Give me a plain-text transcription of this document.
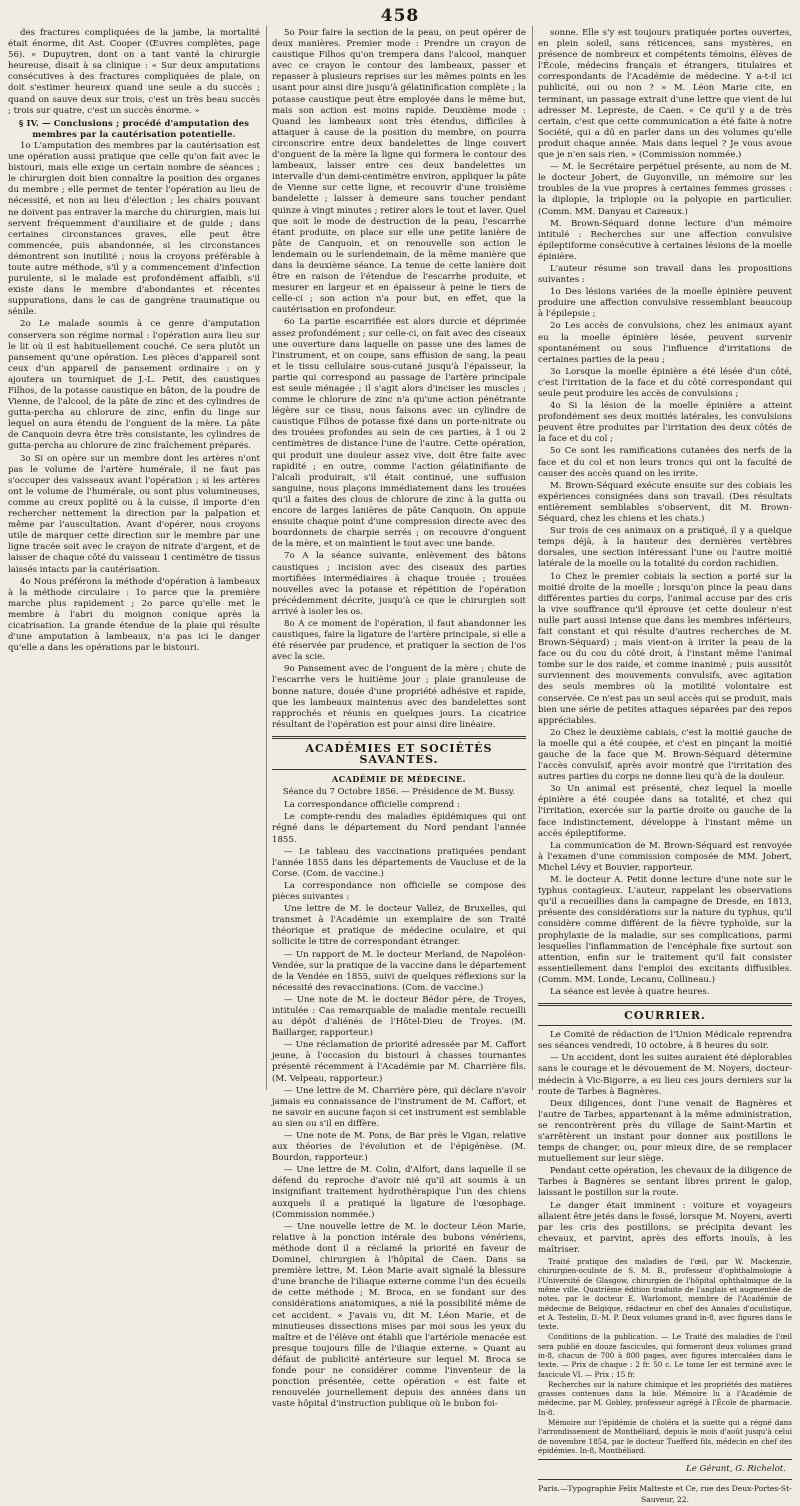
458

des fractures compliquées de la jambe, la mortalité était énorme, dit Ast. Cooper (Œuvres complètes, page 56). « Dupuytren, dont on a tant vanté la chirurgie heureuse, disait à sa clinique : « Sur deux amputations consécutives à des fractures compliquées de plaie, on doit s'estimer heureux quand une seule a du succès ; quand on sauve deux sur trois, c'est un très beau succès ; trois sur quatre, c'est un succès énorme. »

§ IV. — Conclusions ; procédé d'amputation des membres par la cautérisation potentielle.

1o L'amputation des membres par la cautérisation est une opération aussi pratique que celle qu'on fait avec le bistouri, mais elle exige un certain nombre de séances ; le chirurgien doit bien connaître la position des organes du membre ; elle permet de tenter l'opération au lieu de nécessité, et non au lieu d'élection ; les chairs pouvant ne doivent pas entraver la marche du chirurgien, mais lui servent fréquemment d'auxiliaire et de guide ; dans certaines circonstances graves, elle peut être commencée, puis abandonnée, si les circonstances démontrent son inutilité ; nous la croyons préférable à toute autre méthode, s'il y a commencement d'infection purulente, si le malade est profondément affaibli, s'il existe dans le membre d'abondantes et récentes suppurations, dans le cas de gangrène traumatique ou sénile.

2o Le malade soumis à ce genre d'amputation conservera son régime normal : l'opération aura lieu sur le lit où il est habituellement couché. Ce sera plutôt un pansement qu'une opération. Les pièces d'appareil sont ceux d'un appareil de pansement ordinaire : on y ajoutera un tourniquet de J.-L. Petit, des caustiques Filhos, de la potasse caustique en bâton, de la poudre de Vienne, de l'alcool, de la pâte de zinc et des cylindres de gutta-percha au chlorure de zinc, enfin du linge sur lequel on aura étendu de l'onguent de la mère. La pâte de Canquoin devra être très consistante, les cylindres de gutta-percha au chlorure de zinc fraîchement préparés.

3o Si on opère sur un membre dont les artères n'ont pas le volume de l'artère humérale, il ne faut pas s'occuper des vaisseaux avant l'opération ; si les artères ont le volume de l'humérale, ou sont plus volumineuses, comme au creux poplité ou à la cuisse, il importe d'en rechercher nettement la direction par la palpation et même par l'auscultation. Avant d'opérer, nous croyons utile de marquer cette direction sur le membre par une ligne tracée soit avec le crayon de nitrate d'argent, et de laisser de chaque côté du vaisseau 1 centimètre de tissus laissés intacts par la cautérisation.

4o Nous préférons la méthode d'opération à lambeaux à la méthode circulaire : 1o parce que la première marche plus rapidement ; 2o parce qu'elle met le membre à l'abri du moignon conique après la cicatrisation. La grande étendue de la plaie qui résulte d'une amputation à lambeaux, n'a pas ici le danger qu'elle a dans les opérations par le bistouri.

5o Pour faire la section de la peau, on peut opérer de deux manières. Premier mode : Prendre un crayon de caustique Filhos qu'on trempera dans l'alcool, manquer avec ce crayon le contour des lambeaux, passer et repasser à plusieurs reprises sur les mêmes points en les usant pour ainsi dire jusqu'à gélatinification complète ; la potasse caustique peut être employée dans le même but, mais son action est moins rapide. Deuxième mode : Quand les lambeaux sont très étendus, difficiles à attaquer à cause de la position du membre, on pourra circonscrire entre deux bandelettes de linge couvert d'onguent de la mère la ligne qui formera le contour des lambeaux, laisser entre ces deux bandelettes un intervalle d'un demi-centimètre environ, appliquer la pâte de Vienne sur cette ligne, et recouvrir d'une troisième bandelette ; laisser à demeure sans toucher pendant quinze à vingt minutes ; retirer alors le tout et laver. Quel que soit le mode de destruction de la peau, l'escarrhe étant produite, on place sur elle une petite lanière de pâte de Canquoin, et on renouvelle son action le lendemain ou le surlendemain, de la même manière que dans la deuxième séance. La tenue de cette lanière doit être en raison de l'étendue de l'escarrhe produite, et mesurer en largeur et en épaisseur à peine le tiers de celle-ci ; son action n'a pour but, en effet, que la cautérisation en profondeur.

6o La partie escarrifiée est alors durcie et déprimée assez profondément ; sur celle-ci, on fait avec des ciseaux une ouverture dans laquelle on passe une des lames de l'instrument, et on coupe, sans effusion de sang, la peau et le tissu cellulaire sous-cutané jusqu'à l'épaisseur, la partie qui correspond au passage de l'artère principale est seule ménagée ; il s'agit alors d'inciser les muscles ; comme le chlorure de zinc n'a qu'une action pénétrante légère sur ce tissu, nous faisons avec un cylindre de caustique Filhos de potasse fixé dans un porte-nitrate ou des trouées profondes au sein de ces parties, à 1 ou 2 centimètres de distance l'une de l'autre. Cette opération, qui produit une douleur assez vive, doit être faite avec rapidité ; en outre, comme l'action gélatinifiante de l'alcali produirait, s'il était continué, une suffusion sanguine, nous plaçons immédiatement dans les trouées qu'il a faites des clous de chlorure de zinc à la gutta ou encore de larges lanières de pâte Canquoin. On appuie ensuite chaque point d'une compression directe avec des bourdonnets de charpie serrés ; on recouvre d'onguent de la mère, et on maintient le tout avec une bande.

7o A la séance suivante, enlèvement des bâtons caustiques ; incision avec des ciseaux des parties mortifiées intermédiaires à chaque trouée ; trouées nouvelles avec la potasse et répétition de l'opération précédemment décrite, jusqu'à ce que le chirurgien soit arrivé à isoler les os.

8o A ce moment de l'opération, il faut abandonner les caustiques, faire la ligature de l'artère principale, si elle a été réservée par prudence, et pratiquer la section de l'os avec la scie.

9o Pansement avec de l'onguent de la mère ; chute de l'escarrhe vers le huitième jour ; plaie granuleuse de bonne nature, douée d'une propriété adhésive et rapide, que les lambeaux maintenus avec des bandelettes sont rapprochés et réunis en quelques jours. La cicatrice résultant de l'opération est pour ainsi dire linéaire.

ACADÉMIES ET SOCIÉTÉS SAVANTES.
ACADÉMIE DE MÉDECINE.
Séance du 7 Octobre 1856. — Présidence de M. Bussy.

La correspondance officielle comprend :

Le compte-rendu des maladies épidémiques qui ont régné dans le département du Nord pendant l'année 1855.

— Le tableau des vaccinations pratiquées pendant l'année 1855 dans les départements de Vaucluse et de la Corse. (Com. de vaccine.)

La correspondance non officielle se compose des pièces suivantes :

Une lettre de M. le docteur Vallez, de Bruxelles, qui transmet à l'Académie un exemplaire de son Traité théorique et pratique de médecine oculaire, et qui sollicite le titre de correspondant étranger.

— Un rapport de M. le docteur Merland, de Napoléon-Vendée, sur la pratique de la vaccine dans le département de la Vendée en 1855, suivi de quelques réflexions sur la nécessité des revaccinations. (Com. de vaccine.)

— Une note de M. le docteur Bédor père, de Troyes, intitulée : Cas remarquable de maladie mentale recueilli au dépôt d'aliénés de l'Hôtel-Dieu de Troyes. (M. Baillarger, rapporteur.)

— Une réclamation de priorité adressée par M. Caffort jeune, à l'occasion du bistouri à chasses tournantes présenté récemment à l'Académie par M. Charrière fils. (M. Velpeau, rapporteur.)

— Une lettre de M. Charrière père, qui déclare n'avoir jamais eu connaissance de l'instrument de M. Caffort, et ne savoir en aucune façon si cet instrument est semblable au sien ou s'il en diffère.

— Une note de M. Pons, de Bar près le Vigan, relative aux théories de l'évolution et de l'épigénèse. (M. Bourdon, rapporteur.)

— Une lettre de M. Colin, d'Alfort, dans laquelle il se défend du reproche d'avoir nié qu'il ait soumis à un insignifiant traitement hydrothérapique l'un des chiens auxquels il a pratiqué la ligature de l'œsophage. (Commission nommée.)

— Une nouvelle lettre de M. le docteur Léon Marie, relative à la ponction intérale des bubons vénériens, méthode dont il a réclamé la priorité en faveur de Dominel, chirurgien à l'hôpital de Caen. Dans sa première lettre, M. Léon Marie avait signalé la blessure d'une branche de l'iliaque externe comme l'un des écueils de cette méthode ; M. Broca, en se fondant sur des considérations anatomiques, a nié la possibilité même de cet accident. « J'avais vu, dit M. Léon Marie, et de minutieuses dissections mises par moi sous les yeux du maître et de l'élève ont établi que l'artériole menacée est presque toujours fille de l'iliaque externe. » Quant au défaut de publicité antérieure sur lequel M. Broca se fonde pour ne considérer comme l'inventeur de la ponction présentée, cette opération « est faite et renouvelée journellement depuis des années dans un vaste hôpital d'instruction publique où le bubon foi-

sonne. Elle s'y est toujours pratiquée portes ouvertes, en plein soleil, sans réticences, sans mystères, en présence de nombreux et compétents témoins, élèves de l'École, médecins français et étrangers, titulaires et correspondants de l'Académie de médecine. Y a-t-il ici publicité, oui ou non ? » M. Léon Marie cite, en terminant, un passage extrait d'une lettre que vient de lui adresser M. Lepreste, de Caen. « Ce qu'il y a de très certain, c'est que cette communication a été faite à notre Société, qui a dû en parler dans un des volumes qu'elle produit chaque année. Mais dans lequel ? Je vous avoue que je n'en sais rien. » (Commission nommée.)

— M. le Secrétaire perpétuel présente, au nom de M. le docteur Jobert, de Guyonville, un mémoire sur les troubles de la vue propres à certaines femmes grosses : la diplopie, la triplopie ou la polyopie en particulier. (Comm. MM. Danyau et Cazeaux.)

M. Brown-Séquard donne lecture d'un mémoire intitulé : Recherches sur une affection convulsive épileptiforme consécutive à certaines lésions de la moelle épinière.

L'auteur résume son travail dans les propositions suivantes :

1o Des lésions variées de la moelle épinière peuvent produire une affection convulsive ressemblant beaucoup à l'épilepsie ;

2o Les accès de convulsions, chez les animaux ayant eu la moelle épinière lésée, peuvent survenir spontanément ou sous l'influence d'irritations de certaines parties de la peau ;

3o Lorsque la moelle épinière a été lésée d'un côté, c'est l'irritation de la face et du côté correspondant qui seule peut produire les accès de convulsions ;

4o Si la lésion de la moelle épinière a atteint profondément ses deux moitiés latérales, les convulsions peuvent être produites par l'irritation des deux côtés de la face et du col ;

5o Ce sont les ramifications cutanées des nerfs de la face et du col et non leurs troncs qui ont la faculté de causer des accès quand on les irrite.

M. Brown-Séquard exécute ensuite sur des cobiais les expériences consignées dans son travail. (Des résultats entièrement semblables s'observent, dit M. Brown-Séquard, chez les chiens et les chats.)

Sur trois de ces animaux on a pratiqué, il y a quelque temps déjà, à la hauteur des dernières vertèbres dorsales, une section intéressant l'une ou l'autre moitié latérale de la moelle ou la totalité du cordon rachidien.

1o Chez le premier cobiais la section a porté sur la moitié droite de la moelle ; lorsqu'on pince la peau dans différentes parties du corps, l'animal accuse par des cris la vive souffrance qu'il éprouve (et cette douleur n'est nulle part aussi intense que dans les membres inférieurs, fait constant et qui résulte d'autres recherches de M. Brown-Séquard) ; mais vient-on à irriter la peau de la face ou du cou du côté droit, à l'instant même l'animal tombe sur le dos raide, et comme inanimé ; puis aussitôt surviennent des mouvements convulsifs, avec agitation des seuls membres où la motilité volontaire est conservée. Ce n'est pas un seul accès qui se produit, mais bien une série de petites attaques séparées par des repos appréciables.

2o Chez le deuxième cabiais, c'est la moitié gauche de la moelle qui a été coupée, et c'est en pinçant la moitié gauche de la face que M. Brown-Séquard détermine l'accès convulsif, après avoir montré que l'irritation des autres parties du corps ne donne lieu qu'à de la douleur.

3o Un animal est présenté, chez lequel la moelle épinière a été coupée dans sa totalité, et chez qui l'irritation, exercée sur la partie droite ou gauche de la face indistinctement, développe à l'instant même un accès épileptiforme.

La communication de M. Brown-Séquard est renvoyée à l'examen d'une commission composée de MM. Jobert, Michel Lévy et Bouvier, rapporteur.

M. le docteur A. Petit donne lecture d'une note sur le typhus contagieux. L'auteur, rappelant les observations qu'il a recueillies dans la campagne de Dresde, en 1813, présente des considérations sur la nature du typhus, qu'il considère comme différent de la fièvre typhoïde, sur la prophylaxie de la maladie, sur ses complications, parmi lesquelles l'inflammation de l'encéphale fixe surtout son attention, enfin sur le traitement qu'il fait consister essentiellement dans l'emploi des excitants diffusibles. (Comm. MM. Londe, Lecanu, Collineau.)

La séance est levée à quatre heures.

COURRIER.

Le Comité de rédaction de l'Union Médicale reprendra ses séances vendredi, 10 octobre, à 8 heures du soir.

— Un accident, dont les suites auraient été déplorables sans le courage et le dévouement de M. Noyers, docteur-médecin à Vic-Bigorre, a eu lieu ces jours derniers sur la route de Tarbes à Bagnères.

Deux diligences, dont l'une venait de Bagnères et l'autre de Tarbes, appartenant à la même administration, se rencontrèrent près du village de Saint-Martin et s'arrêtèrent un instant pour donner aux postillons le temps de changer, ou, pour mieux dire, de se remplacer mutuellement sur leur siège.

Pendant cette opération, les chevaux de la diligence de Tarbes à Bagnères se sentant libres prirent le galop, laissant le postillon sur la route.

Le danger était imminent : voiture et voyageurs allaient être jetés dans le fossé, lorsque M. Noyers, averti par les cris des postillons, se précipita devant les chevaux, et parvint, après des efforts inouïs, à les maîtriser.

Traité pratique des maladies de l'œil, par W. Mackenzie, chirurgien-oculiste de S. M. B., professeur d'ophthalmologie à l'Université de Glasgow, chirurgien de l'hôpital ophthalmique de la même ville. Quatrième édition traduite de l'anglais et augmentée de notes, par le docteur E. Warlomont, membre de l'Académie de médecine de Belgique, rédacteur en chef des Annales d'oculistique, et A. Testelin, D.-M. P. Deux volumes grand in-8, avec figures dans le texte.

Conditions de la publication. — Le Traité des maladies de l'œil sera publié en douze fascicules, qui formeront deux volumes grand in-8, chacun de 700 à 800 pages, avec figures intercalées dans le texte. — Prix de chaque : 2 fr. 50 c. Le tome Ier est terminé avec le fascicule VI. — Prix : 15 fr.

Recherches sur la nature chimique et les propriétés des matières grasses contenues dans la bile. Mémoire lu à l'Académie de médecine, par M. Gobley, professeur agrégé à l'École de pharmacie. In-8.

Mémoire sur l'épidémie de choléra et la suette qui a régné dans l'arrondissement de Montbéliard, depuis le mois d'août jusqu'à celui de novembre 1854, par le docteur Tuefferd fils, médecin en chef des épidémies. In-8, Montbéliard.

Le Gérant, G. Richelot.
Paris.—Typographie Felix Malteste et Ce, rue des Deux-Portes-St-Sauveur, 22.
